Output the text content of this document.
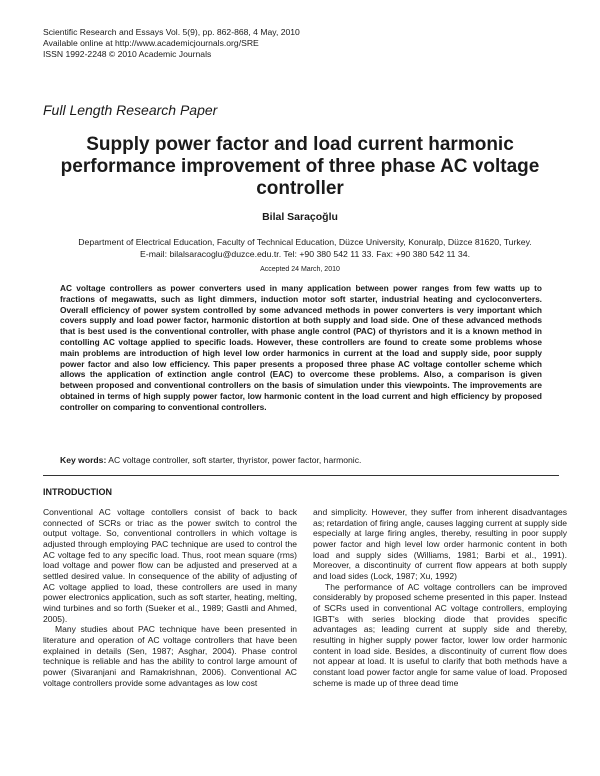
Scientific Research and Essays Vol. 5(9), pp. 862-868, 4 May, 2010
Available online at http://www.academicjournals.org/SRE
ISSN 1992-2248 © 2010 Academic Journals
Full Length Research Paper
Supply power factor and load current harmonic performance improvement of three phase AC voltage controller
Bilal Saraçoğlu
Department of Electrical Education, Faculty of Technical Education, Düzce University, Konuralp, Düzce 81620, Turkey.
E-mail: bilalsaracoglu@duzce.edu.tr. Tel: +90 380 542 11 33. Fax: +90 380 542 11 34.
Accepted 24 March, 2010
AC voltage controllers as power converters used in many application between power ranges from few watts up to fractions of megawatts, such as light dimmers, induction motor soft starter, industrial heating and cycloconverters. Overall efficiency of power system controlled by some advanced methods in power converters is very important which covers supply and load power factor, harmonic distortion at both supply and load side. One of these advanced methods that is best used is the conventional controller, with phase angle control (PAC) of thyristors and it is a known method in contolling AC voltage applied to specific loads. However, these controllers are found to create some problems whose main problems are introduction of high level low order harmonics in current at the load and supply side, poor supply power factor and also low efficiency. This paper presents a proposed three phase AC voltage contoller scheme which allows the application of extinction angle control (EAC) to overcome these problems. Also, a comparison is given between proposed and conventional controllers on the basis of simulation under this viewpoints. The improvements are obtained in terms of high supply power factor, low harmonic content in the load current and high efficiency by proposed controller on comparing to conventional controllers.
Key words: AC voltage controller, soft starter, thyristor, power factor, harmonic.
INTRODUCTION

Conventional AC voltage contollers consist of back to back connected of SCRs or triac as the power switch to control the output voltage. So, conventional controllers in which voltage is adjusted through employing PAC technique are used to control the AC voltage fed to any specific load. Thus, root mean square (rms) load voltage and power flow can be adjusted and preserved at a settled desired value. In consequence of the ability of adjusting of AC voltage applied to load, these controllers are used in many power electronics application, such as soft starter, heating, melting, wind turbines and so forth (Sueker et al., 1989; Gastli and Ahmed, 2005).

Many studies about PAC technique have been presented in literature and operation of AC voltage controllers that have been explained in details (Sen, 1987; Asghar, 2004). Phase control technique is reliable and has the ability to control large amount of power (Sivaranjani and Ramakrishnan, 2006). Conventional AC voltage controllers provide some advantages as low cost

and simplicity. However, they suffer from inherent disadvantages as; retardation of firing angle, causes lagging current at supply side especially at large firing angles, thereby, resulting in poor supply power factor and high level low order harmonic content in both load and supply sides (Williams, 1981; Barbi et al., 1991). Moreover, a discontinuity of current flow appears at both supply and load sides (Lock, 1987; Xu, 1992)

The performance of AC voltage controllers can be improved considerably by proposed scheme presented in this paper. Instead of SCRs used in conventional AC voltage controllers, employing IGBT's with series blocking diode that provides specific advantages as; leading current at supply side and thereby, resulting in higher supply power factor, lower low order harmonic content in load side. Besides, a discontinuity of current flow does not appear at load. It is useful to clarify that both methods have a constant load power factor angle for same value of load. Proposed scheme is made up of three dead time
